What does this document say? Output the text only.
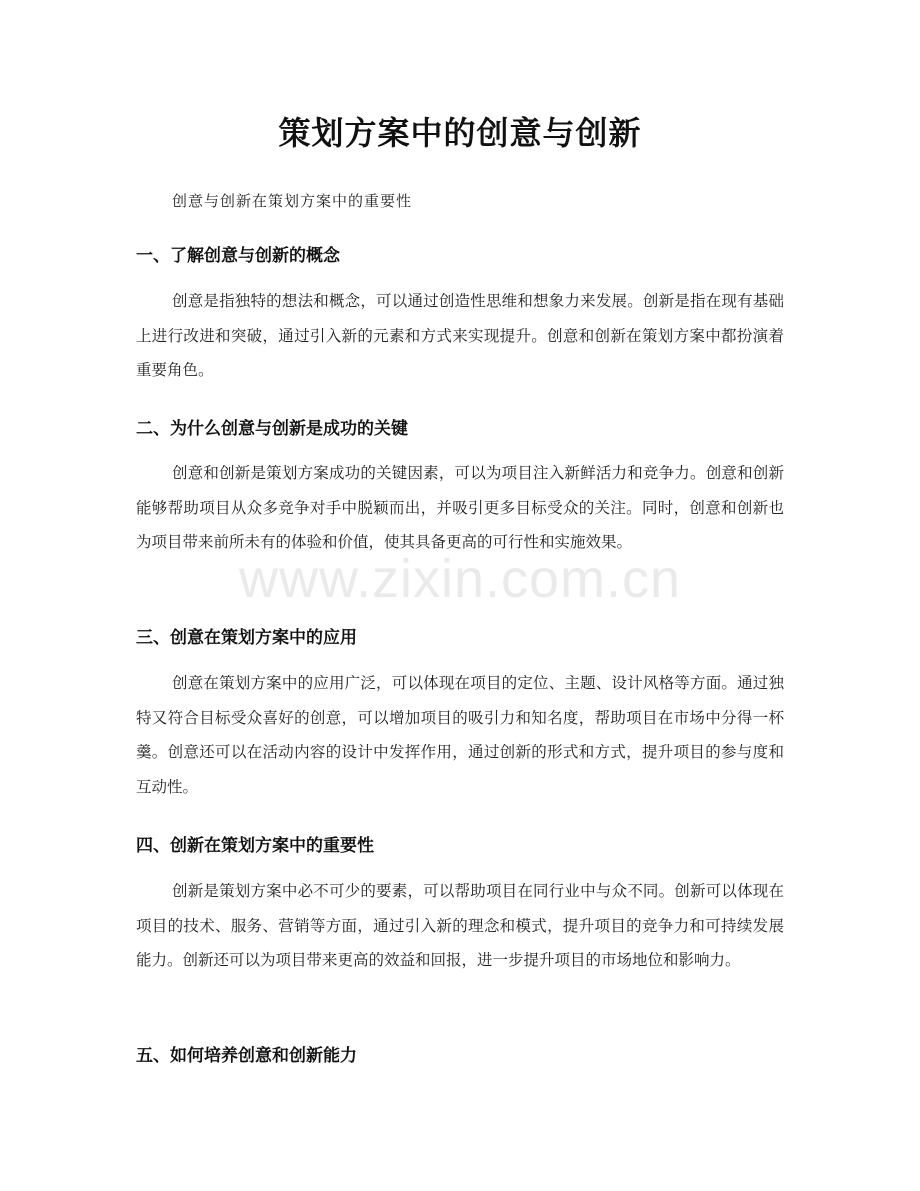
策划方案中的创意与创新
创意与创新在策划方案中的重要性
一、了解创意与创新的概念
创意是指独特的想法和概念，可以通过创造性思维和想象力来发展。创新是指在现有基础上进行改进和突破，通过引入新的元素和方式来实现提升。创意和创新在策划方案中都扮演着重要角色。
二、为什么创意与创新是成功的关键
创意和创新是策划方案成功的关键因素，可以为项目注入新鲜活力和竞争力。创意和创新能够帮助项目从众多竞争对手中脱颖而出，并吸引更多目标受众的关注。同时，创意和创新也为项目带来前所未有的体验和价值，使其具备更高的可行性和实施效果。
三、创意在策划方案中的应用
创意在策划方案中的应用广泛，可以体现在项目的定位、主题、设计风格等方面。通过独特又符合目标受众喜好的创意，可以增加项目的吸引力和知名度，帮助项目在市场中分得一杯羹。创意还可以在活动内容的设计中发挥作用，通过创新的形式和方式，提升项目的参与度和互动性。
四、创新在策划方案中的重要性
创新是策划方案中必不可少的要素，可以帮助项目在同行业中与众不同。创新可以体现在项目的技术、服务、营销等方面，通过引入新的理念和模式，提升项目的竞争力和可持续发展能力。创新还可以为项目带来更高的效益和回报，进一步提升项目的市场地位和影响力。
五、如何培养创意和创新能力
www.zixin.com.cn
